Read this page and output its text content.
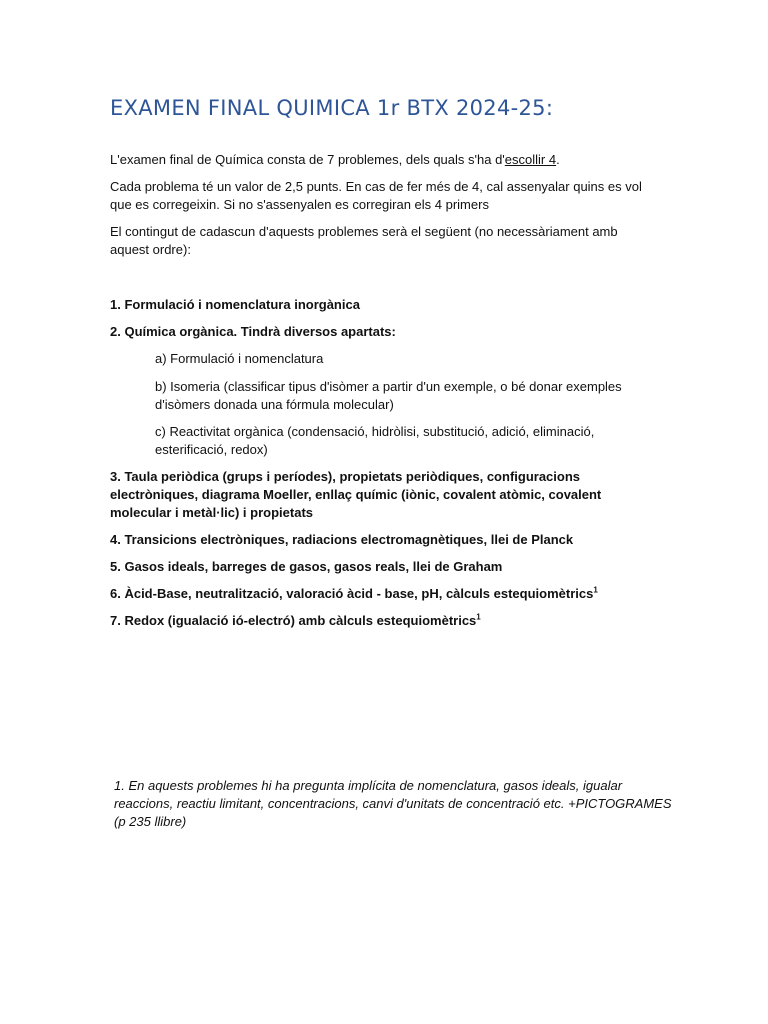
EXAMEN FINAL QUIMICA 1r BTX 2024-25:
L'examen final de Química consta de 7 problemes, dels quals s'ha d'escollir 4.
Cada problema té un valor de 2,5 punts. En cas de fer més de 4, cal assenyalar quins es vol que es corregeixin. Si no s'assenyalen es corregiran els 4 primers
El contingut de cadascun d'aquests problemes serà el següent (no necessàriament amb aquest ordre):
1. Formulació i nomenclatura inorgànica
2. Química orgànica. Tindrà diversos apartats:
a) Formulació i nomenclatura
b) Isomeria (classificar tipus d'isòmer a partir d'un exemple, o bé donar exemples d'isòmers donada una fórmula molecular)
c) Reactivitat orgànica (condensació, hidròlisi, substitució, adició, eliminació, esterificació, redox)
3. Taula periòdica (grups i períodes), propietats periòdiques, configuracions electròniques, diagrama Moeller, enllaç químic (iònic, covalent atòmic, covalent molecular i metàl·lic) i propietats
4. Transicions electròniques, radiacions electromagnètiques, llei de Planck
5. Gasos ideals, barreges de gasos, gasos reals, llei de Graham
6. Àcid-Base, neutralització, valoració àcid - base, pH, càlculs estequiomètrics$^1$
7. Redox (igualació ió-electró) amb càlculs estequiomètrics$^1$
1. En aquests problemes hi ha pregunta implícita de nomenclatura, gasos ideals, igualar reaccions, reactiu limitant, concentracions, canvi d'unitats de concentració etc. +PICTOGRAMES (p 235 llibre)
